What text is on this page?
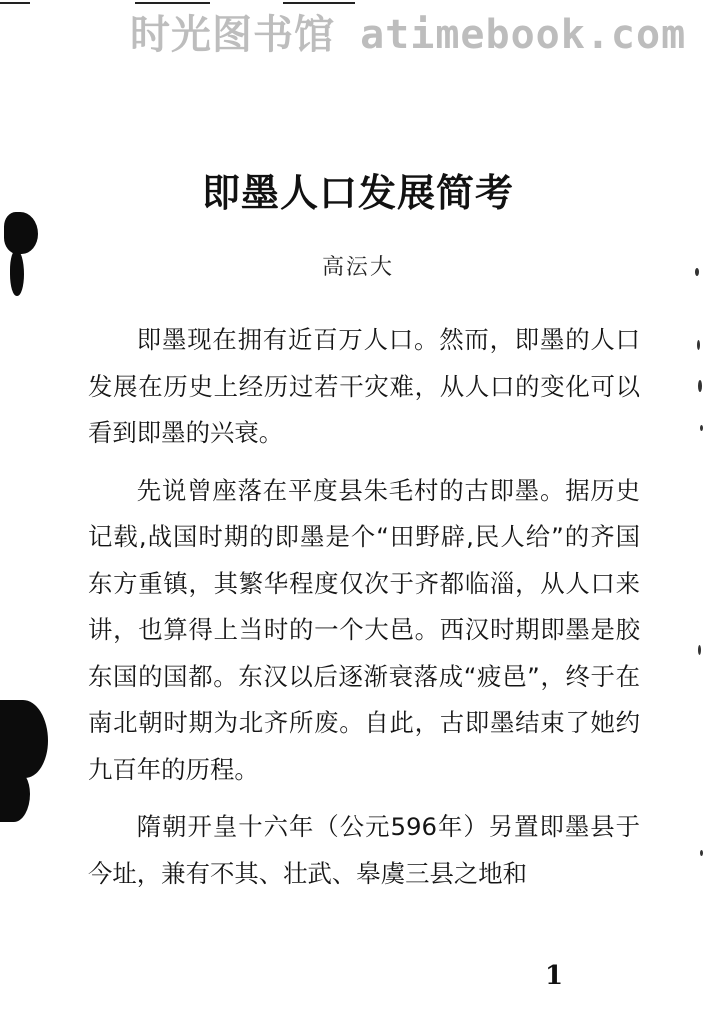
时光图书馆 atimebook.com
即墨人口发展简考
高沄大

即墨现在拥有近百万人口。然而，即墨的人口发展在历史上经历过若干灾难，从人口的变化可以看到即墨的兴衰。

先说曾座落在平度县朱毛村的古即墨。据历史记载,战国时期的即墨是个“田野辟,民人给”的齐国东方重镇，其繁华程度仅次于齐都临淄，从人口来讲，也算得上当时的一个大邑。西汉时期即墨是胶东国的国都。东汉以后逐渐衰落成“疲邑”，终于在南北朝时期为北齐所废。自此，古即墨结束了她约九百年的历程。

隋朝开皇十六年（公元596年）另置即墨县于今址，兼有不其、壮武、皋虞三县之地和

1
